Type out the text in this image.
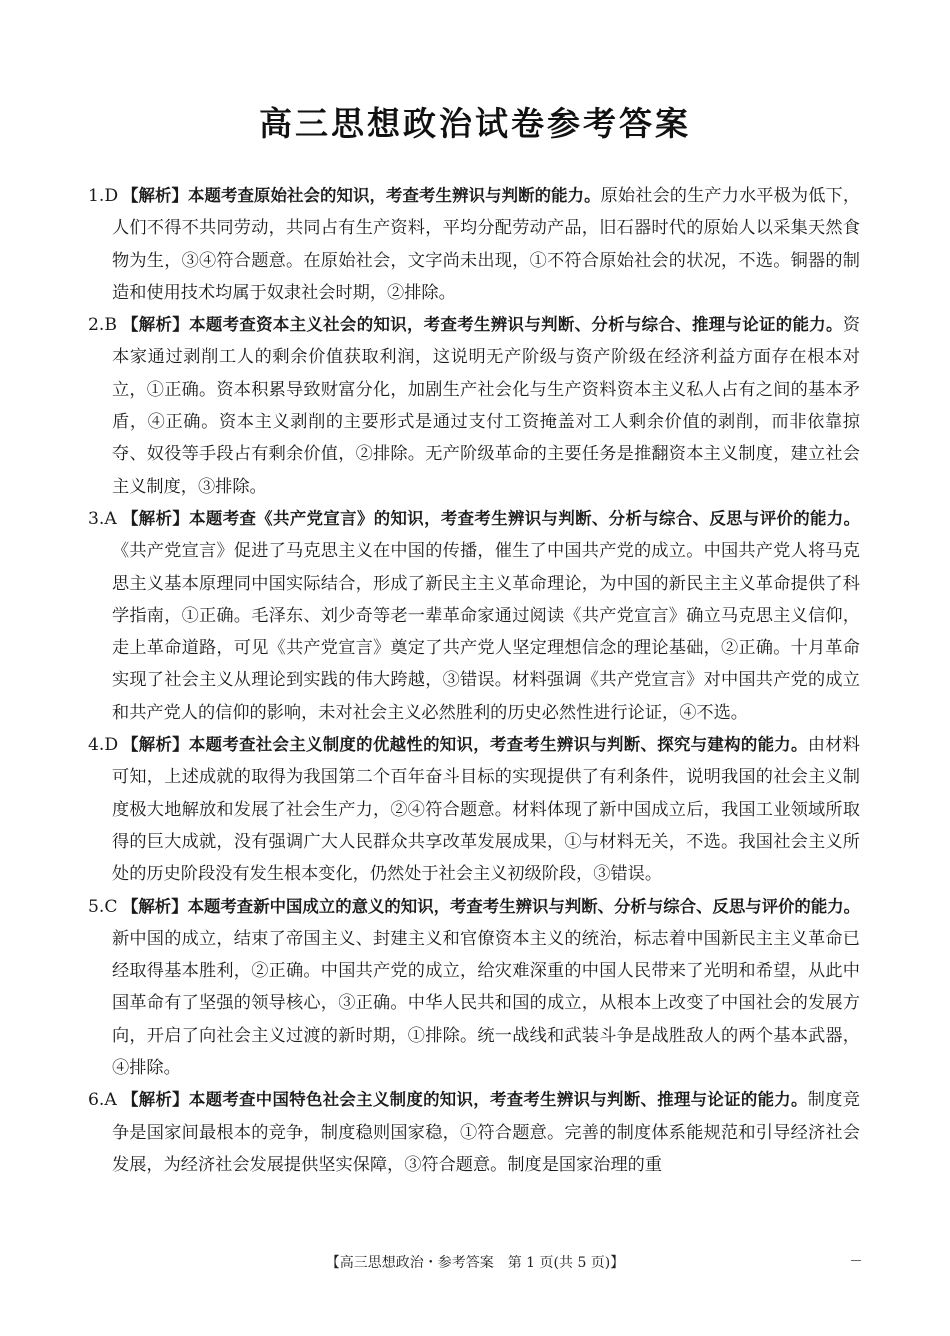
高三思想政治试卷参考答案
1.D 【解析】本题考查原始社会的知识，考查考生辨识与判断的能力。原始社会的生产力水平极为低下，人们不得不共同劳动，共同占有生产资料，平均分配劳动产品，旧石器时代的原始人以采集天然食物为生，③④符合题意。在原始社会，文字尚未出现，①不符合原始社会的状况，不选。铜器的制造和使用技术均属于奴隶社会时期，②排除。
2.B 【解析】本题考查资本主义社会的知识，考查考生辨识与判断、分析与综合、推理与论证的能力。资本家通过剥削工人的剩余价值获取利润，这说明无产阶级与资产阶级在经济利益方面存在根本对立，①正确。资本积累导致财富分化，加剧生产社会化与生产资料资本主义私人占有之间的基本矛盾，④正确。资本主义剥削的主要形式是通过支付工资掩盖对工人剩余价值的剥削，而非依靠掠夺、奴役等手段占有剩余价值，②排除。无产阶级革命的主要任务是推翻资本主义制度，建立社会主义制度，③排除。
3.A 【解析】本题考查《共产党宣言》的知识，考查考生辨识与判断、分析与综合、反思与评价的能力。《共产党宣言》促进了马克思主义在中国的传播，催生了中国共产党的成立。中国共产党人将马克思主义基本原理同中国实际结合，形成了新民主主义革命理论，为中国的新民主主义革命提供了科学指南，①正确。毛泽东、刘少奇等老一辈革命家通过阅读《共产党宣言》确立马克思主义信仰，走上革命道路，可见《共产党宣言》奠定了共产党人坚定理想信念的理论基础，②正确。十月革命实现了社会主义从理论到实践的伟大跨越，③错误。材料强调《共产党宣言》对中国共产党的成立和共产党人的信仰的影响，未对社会主义必然胜利的历史必然性进行论证，④不选。
4.D 【解析】本题考查社会主义制度的优越性的知识，考查考生辨识与判断、探究与建构的能力。由材料可知，上述成就的取得为我国第二个百年奋斗目标的实现提供了有利条件，说明我国的社会主义制度极大地解放和发展了社会生产力，②④符合题意。材料体现了新中国成立后，我国工业领域所取得的巨大成就，没有强调广大人民群众共享改革发展成果，①与材料无关，不选。我国社会主义所处的历史阶段没有发生根本变化，仍然处于社会主义初级阶段，③错误。
5.C 【解析】本题考查新中国成立的意义的知识，考查考生辨识与判断、分析与综合、反思与评价的能力。新中国的成立，结束了帝国主义、封建主义和官僚资本主义的统治，标志着中国新民主主义革命已经取得基本胜利，②正确。中国共产党的成立，给灾难深重的中国人民带来了光明和希望，从此中国革命有了坚强的领导核心，③正确。中华人民共和国的成立，从根本上改变了中国社会的发展方向，开启了向社会主义过渡的新时期，①排除。统一战线和武装斗争是战胜敌人的两个基本武器，④排除。
6.A 【解析】本题考查中国特色社会主义制度的知识，考查考生辨识与判断、推理与论证的能力。制度竞争是国家间最根本的竞争，制度稳则国家稳，①符合题意。完善的制度体系能规范和引导经济社会发展，为经济社会发展提供坚实保障，③符合题意。制度是国家治理的重
【高三思想政治・参考答案　第 1 页(共 5 页)】
